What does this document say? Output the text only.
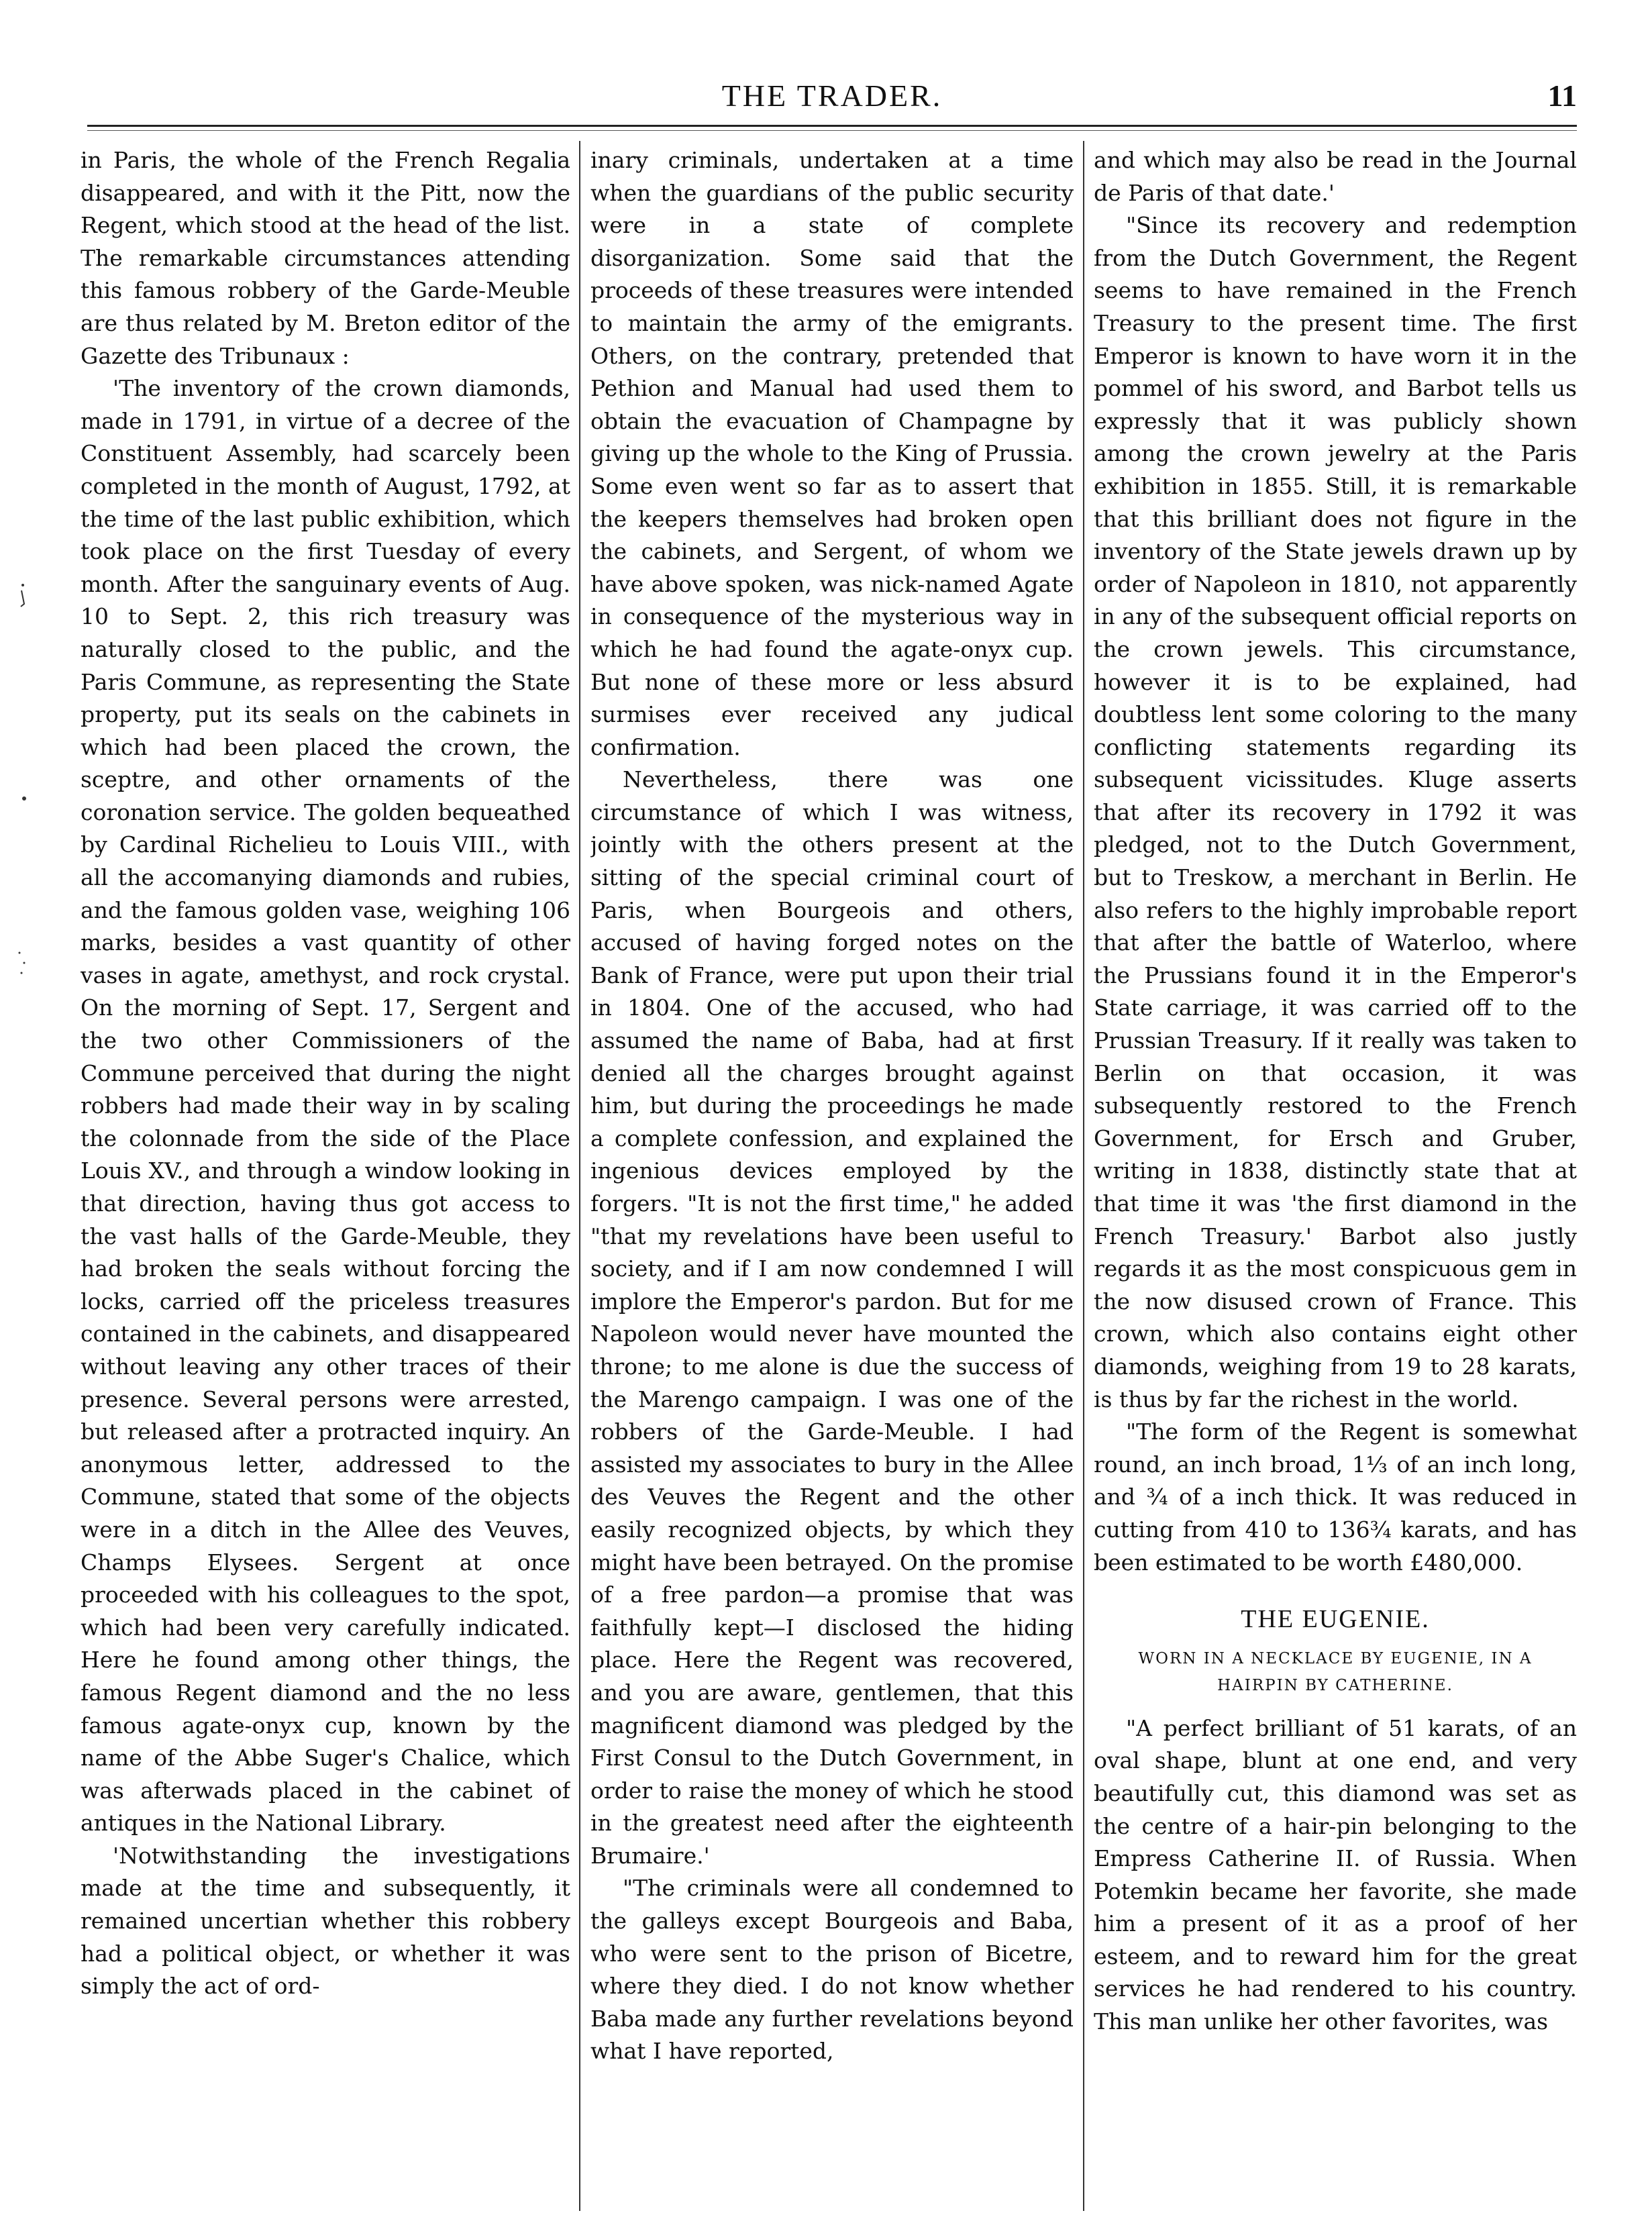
THE TRADER.	11

in Paris, the whole of the French Regalia disappeared, and with it the Pitt, now the Regent, which stood at the head of the list. The remarkable circumstances attending this famous robbery of the Garde-Meuble are thus related by M. Breton editor of the Gazette des Tribunaux :

'The inventory of the crown diamonds, made in 1791, in virtue of a decree of the Constituent Assembly, had scarcely been completed in the month of August, 1792, at the time of the last public exhibition, which took place on the first Tuesday of every month. After the sanguinary events of Aug. 10 to Sept. 2, this rich treasury was naturally closed to the public, and the Paris Commune, as representing the State property, put its seals on the cabinets in which had been placed the crown, the sceptre, and other ornaments of the coronation service. The golden bequeathed by Cardinal Richelieu to Louis VIII., with all the accomanying diamonds and rubies, and the famous golden vase, weighing 106 marks, besides a vast quantity of other vases in agate, amethyst, and rock crystal. On the morning of Sept. 17, Sergent and the two other Commissioners of the Commune perceived that during the night robbers had made their way in by scaling the colonnade from the side of the Place Louis XV., and through a window looking in that direction, having thus got access to the vast halls of the Garde-Meuble, they had broken the seals without forcing the locks, carried off the priceless treasures contained in the cabinets, and disappeared without leaving any other traces of their presence. Several persons were arrested, but released after a protracted inquiry. An anonymous letter, addressed to the Commune, stated that some of the objects were in a ditch in the Allee des Veuves, Champs Elysees. Sergent at once proceeded with his colleagues to the spot, which had been very carefully indicated. Here he found among other things, the famous Regent diamond and the no less famous agate-onyx cup, known by the name of the Abbe Suger's Chalice, which was afterwads placed in the cabinet of antiques in the National Library.

'Notwithstanding the investigations made at the time and subsequently, it remained uncertian whether this robbery had a political object, or whether it was simply the act of ord-

inary criminals, undertaken at a time when the guardians of the public security were in a state of complete disorganization. Some said that the proceeds of these treasures were intended to maintain the army of the emigrants. Others, on the contrary, pretended that Pethion and Manual had used them to obtain the evacuation of Champagne by giving up the whole to the King of Prussia. Some even went so far as to assert that the keepers themselves had broken open the cabinets, and Sergent, of whom we have above spoken, was nick-named Agate in consequence of the mysterious way in which he had found the agate-onyx cup. But none of these more or less absurd surmises ever received any judical confirmation.

Nevertheless, there was one circumstance of which I was witness, jointly with the others present at the sitting of the special criminal court of Paris, when Bourgeois and others, accused of having forged notes on the Bank of France, were put upon their trial in 1804. One of the accused, who had assumed the name of Baba, had at first denied all the charges brought against him, but during the proceedings he made a complete confession, and explained the ingenious devices employed by the forgers. "It is not the first time," he added "that my revelations have been useful to society, and if I am now condemned I will implore the Emperor's pardon. But for me Napoleon would never have mounted the throne; to me alone is due the success of the Marengo campaign. I was one of the robbers of the Garde-Meuble. I had assisted my associates to bury in the Allee des Veuves the Regent and the other easily recognized objects, by which they might have been betrayed. On the promise of a free pardon—a promise that was faithfully kept—I disclosed the hiding place. Here the Regent was recovered, and you are aware, gentlemen, that this magnificent diamond was pledged by the First Consul to the Dutch Government, in order to raise the money of which he stood in the greatest need after the eighteenth Brumaire.'

"The criminals were all condemned to the galleys except Bourgeois and Baba, who were sent to the prison of Bicetre, where they died. I do not know whether Baba made any further revelations beyond what I have reported,

and which may also be read in the Journal de Paris of that date.'

"Since its recovery and redemption from the Dutch Government, the Regent seems to have remained in the French Treasury to the present time. The first Emperor is known to have worn it in the pommel of his sword, and Barbot tells us expressly that it was publicly shown among the crown jewelry at the Paris exhibition in 1855. Still, it is remarkable that this brilliant does not figure in the inventory of the State jewels drawn up by order of Napoleon in 1810, not apparently in any of the subsequent official reports on the crown jewels. This circumstance, however it is to be explained, had doubtless lent some coloring to the many conflicting statements regarding its subsequent vicissitudes. Kluge asserts that after its recovery in 1792 it was pledged, not to the Dutch Government, but to Treskow, a merchant in Berlin. He also refers to the highly improbable report that after the battle of Waterloo, where the Prussians found it in the Emperor's State carriage, it was carried off to the Prussian Treasury. If it really was taken to Berlin on that occasion, it was subsequently restored to the French Government, for Ersch and Gruber, writing in 1838, distinctly state that at that time it was 'the first diamond in the French Treasury.' Barbot also justly regards it as the most conspicuous gem in the now disused crown of France. This crown, which also contains eight other diamonds, weighing from 19 to 28 karats, is thus by far the richest in the world.

"The form of the Regent is somewhat round, an inch broad, 1⅓ of an inch long, and ¾ of a inch thick. It was reduced in cutting from 410 to 136¾ karats, and has been estimated to be worth £480,000.

THE EUGENIE.
WORN IN A NECKLACE BY EUGENIE, IN A HAIRPIN BY CATHERINE.

"A perfect brilliant of 51 karats, of an oval shape, blunt at one end, and very beautifully cut, this diamond was set as the centre of a hair-pin belonging to the Empress Catherine II. of Russia. When Potemkin became her favorite, she made him a present of it as a proof of her esteem, and to reward him for the great services he had rendered to his country. This man unlike her other favorites, was
